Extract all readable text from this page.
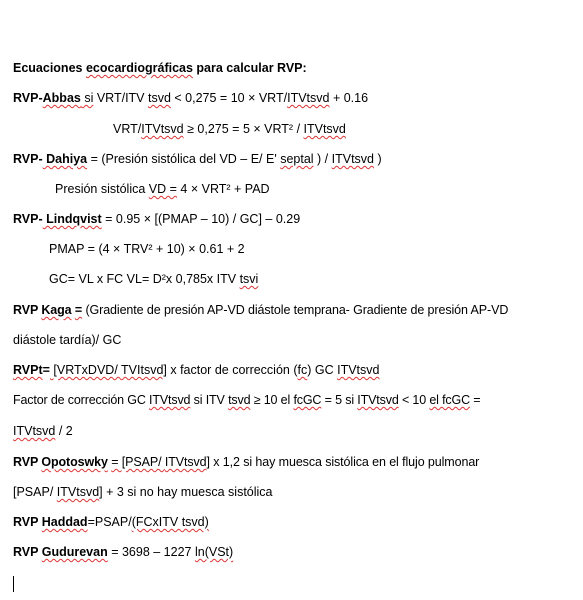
Ecuaciones ecocardiográficas para calcular RVP:
RVP-Abbas si VRT/ITV tsvd < 0,275 = 10 × VRT/ITVtsvd + 0.16
VRT/ITVtsvd ≥ 0,275 = 5 × VRT² / ITVtsvd
RVP- Dahiya = (Presión sistólica del VD – E/ E' septal ) / ITVtsvd )
Presión sistólica VD = 4 × VRT² + PAD
RVP- Lindqvist = 0.95 × [(PMAP – 10) / GC] – 0.29
PMAP = (4 × TRV² + 10) × 0.61 + 2
GC= VL x FC VL= D²x 0,785x ITV tsvi
RVP Kaga = (Gradiente de presión AP-VD diástole temprana- Gradiente de presión AP-VD
diástole tardía)/ GC
RVPt= [VRTxDVD/ TVItsvd] x factor de corrección (fc) GC ITVtsvd
Factor de corrección GC ITVtsvd si ITV tsvd ≥ 10 el fcGC = 5 si ITVtsvd < 10 el fcGC =
ITVtsvd / 2
RVP Opotoswky = [PSAP/ ITVtsvd] x 1,2 si hay muesca sistólica en el flujo pulmonar
[PSAP/ ITVtsvd] + 3 si no hay muesca sistólica
RVP Haddad=PSAP/(FCxITV tsvd)
RVP Gudurevan = 3698 – 1227 ln(VSt)
